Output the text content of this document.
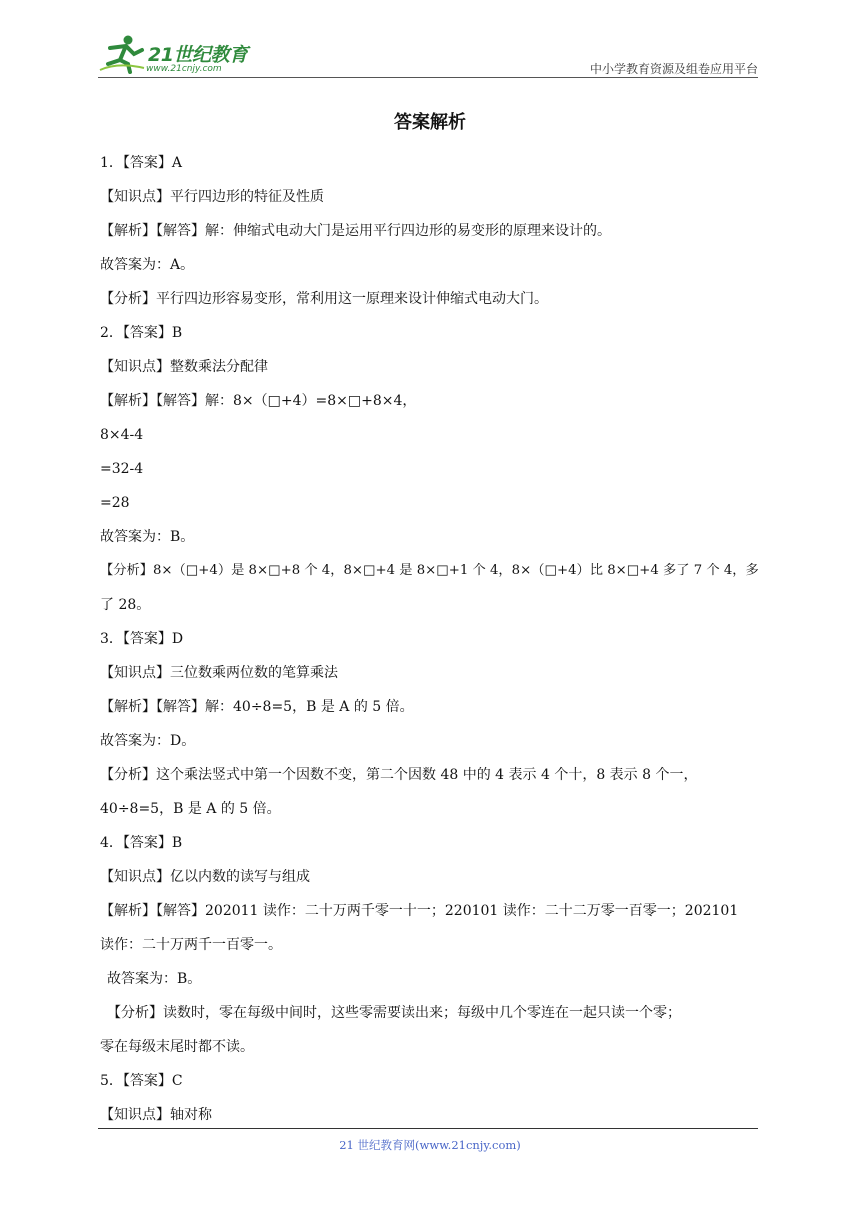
21世纪教育
www.21cnjy.com	中小学教育资源及组卷应用平台
答案解析
1．【答案】A
【知识点】平行四边形的特征及性质
【解析】【解答】解：伸缩式电动大门是运用平行四边形的易变形的原理来设计的。
故答案为：A。
【分析】平行四边形容易变形，常利用这一原理来设计伸缩式电动大门。
2．【答案】B
【知识点】整数乘法分配律
【解析】【解答】解：8×（□+4）=8×□+8×4，
8×4-4
=32-4
=28
故答案为：B。
【分析】8×（□+4）是 8×□+8 个 4，8×□+4 是 8×□+1 个 4，8×（□+4）比 8×□+4 多了 7 个 4，多
了 28。
3．【答案】D
【知识点】三位数乘两位数的笔算乘法
【解析】【解答】解：40÷8=5，B 是 A 的 5 倍。
故答案为：D。
【分析】这个乘法竖式中第一个因数不变，第二个因数 48 中的 4 表示 4 个十，8 表示 8 个一，
40÷8=5，B 是 A 的 5 倍。
4．【答案】B
【知识点】亿以内数的读写与组成
【解析】【解答】202011 读作：二十万两千零一十一；220101 读作：二十二万零一百零一；202101
读作：二十万两千一百零一。
故答案为：B。
【分析】读数时，零在每级中间时，这些零需要读出来；每级中几个零连在一起只读一个零；
零在每级末尾时都不读。
5．【答案】C
【知识点】轴对称
21 世纪教育网(www.21cnjy.com)
